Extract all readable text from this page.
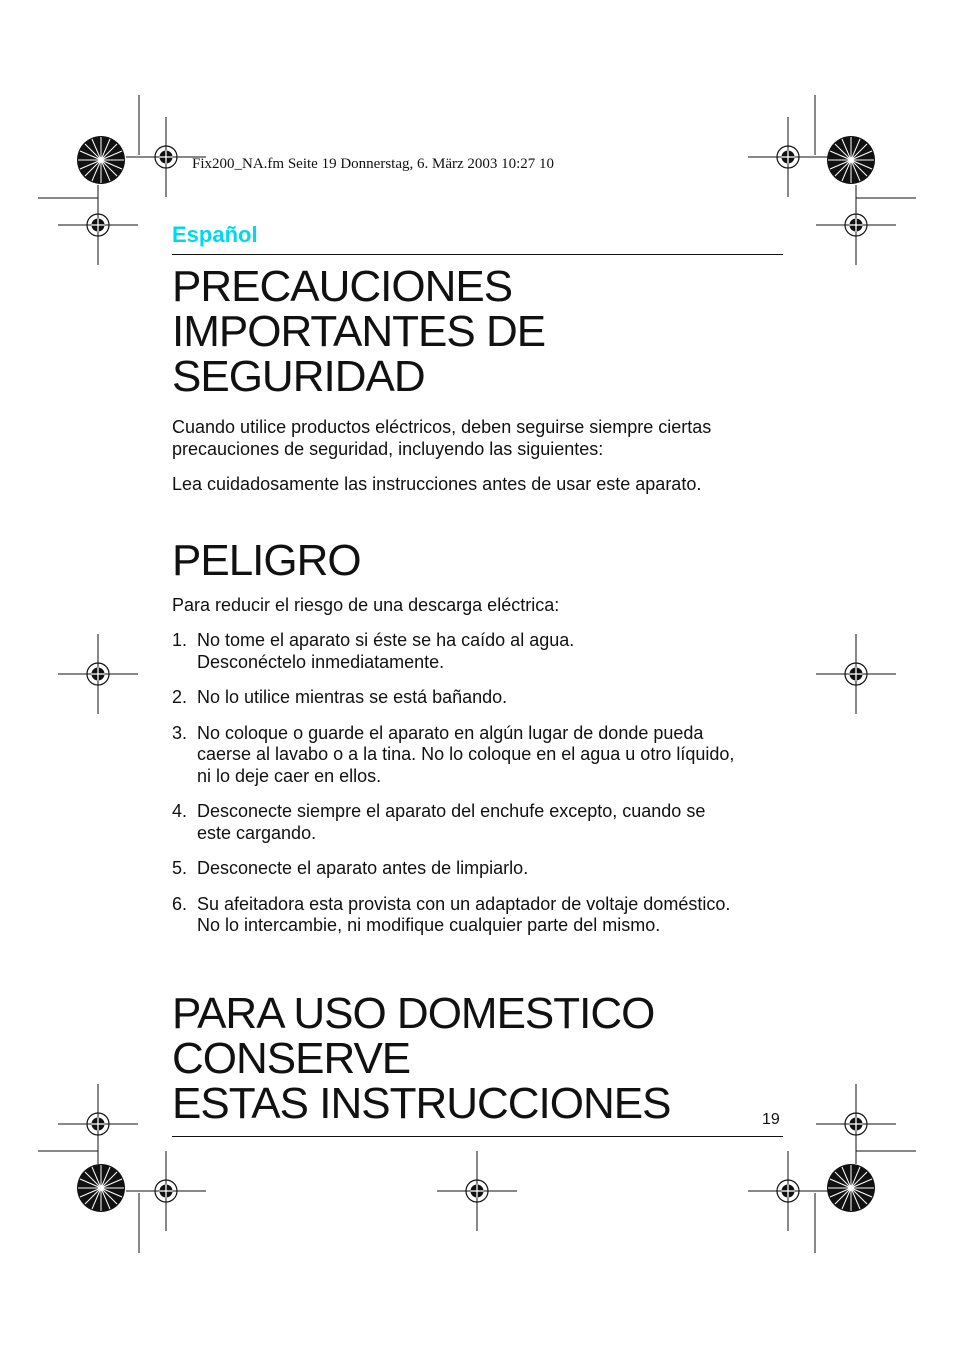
Fix200_NA.fm Seite 19 Donnerstag, 6. März 2003 10:27 10
Español
PRECAUCIONES
IMPORTANTES DE SEGURIDAD

Cuando utilice productos eléctricos, deben seguirse siempre ciertas precauciones de seguridad, incluyendo las siguientes:

Lea cuidadosamente las instrucciones antes de usar este aparato.

PELIGRO

Para reducir el riesgo de una descarga eléctrica:

1. No tome el aparato si éste se ha caído al agua.
Desconéctelo inmediatamente.
2. No lo utilice mientras se está bañando.
3. No coloque o guarde el aparato en algún lugar de donde pueda
caerse al lavabo o a la tina. No lo coloque en el agua u otro líquido,
ni lo deje caer en ellos.
4. Desconecte siempre el aparato del enchufe excepto, cuando se
este cargando.
5. Desconecte el aparato antes de limpiarlo.
6. Su afeitadora esta provista con un adaptador de voltaje doméstico.
No lo intercambie, ni modifique cualquier parte del mismo.
PARA USO DOMESTICO
CONSERVE
ESTAS INSTRUCCIONES	19
